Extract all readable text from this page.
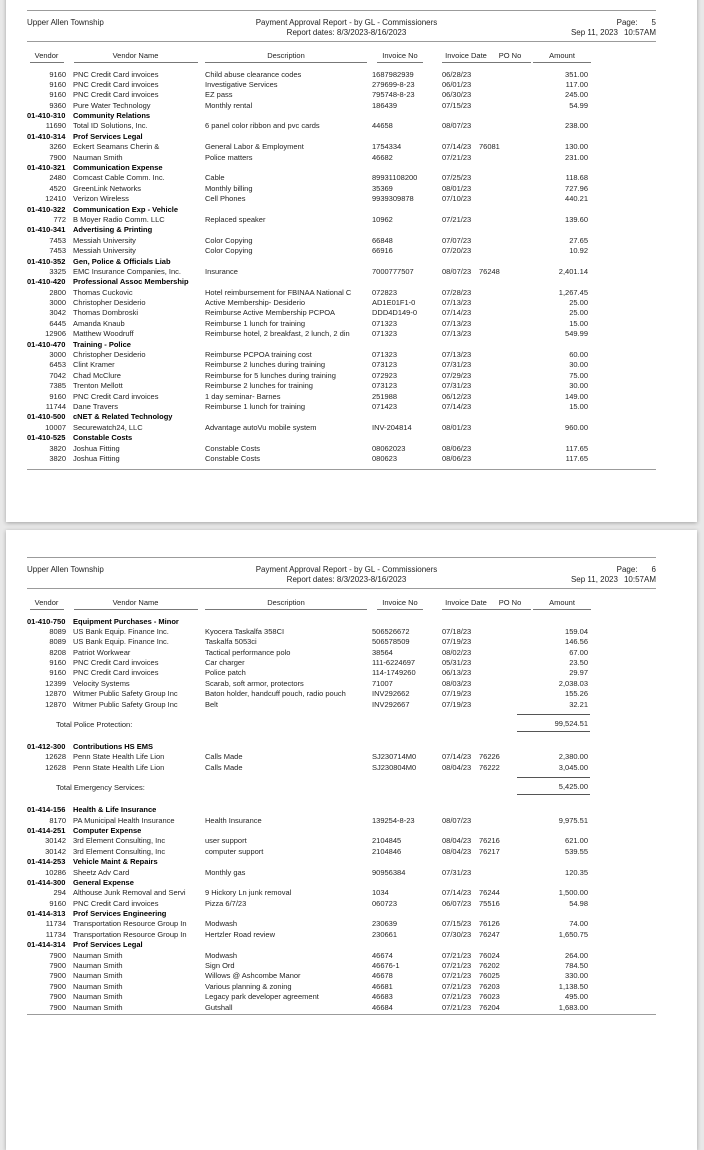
Upper Allen Township	Payment Approval Report - by GL - Commissioners
Report dates: 8/3/2023-8/16/2023
Page: 5
Sep 11, 2023 10:57AM
Vendor	Vendor Name	Description	Invoice No	Invoice Date	PO No	Amount
9160 PNC Credit Card invoices	Child abuse clearance codes	1687982939	06/28/23	351.00
9160 PNC Credit Card invoices	Investigative Services	279699-8-23	06/01/23	117.00
9160 PNC Credit Card invoices	EZ pass	795748-8-23	06/30/23	245.00
9360 Pure Water Technology	Monthly rental	186439	07/15/23	54.99
01-410-310	Community Relations
11690 Total ID Solutions, Inc.	6 panel color ribbon and pvc cards	44658	08/07/23	238.00
01-410-314	Prof Services Legal
3260 Eckert Seamans Cherin &	General Labor & Employment	1754334	07/14/23	76081	130.00
7900 Nauman Smith	Police matters	46682	07/21/23	231.00
01-410-321	Communication Expense
2480 Comcast Cable Comm. Inc.	Cable	89931108200	07/25/23	118.68
4520 GreenLink Networks	Monthly billing	35369	08/01/23	727.96
12410 Verizon Wireless	Cell Phones	9939309878	07/10/23	440.21
01-410-322	Communication Exp - Vehicle
772 B Moyer Radio Comm. LLC	Replaced speaker	10962	07/21/23	139.60
01-410-341	Advertising & Printing
7453 Messiah University	Color Copying	66848	07/07/23	27.65
7453 Messiah University	Color Copying	66916	07/20/23	10.92
01-410-352	Gen, Police & Officials Liab
3325 EMC Insurance Companies, Inc.	Insurance	7000777507	08/07/23	76248	2,401.14
01-410-420	Professional Assoc Membership
2800 Thomas Cuckovic	Hotel reimbursement for FBINAA National C	072823	07/28/23	1,267.45
3000 Christopher Desiderio	Active Membership- Desiderio	AD1E01F1-0	07/13/23	25.00
3042 Thomas Dombroski	Reimburse Active Membership PCPOA	DDD4D149-0	07/14/23	25.00
6445 Amanda Knaub	Reimburse 1 lunch for training	071323	07/13/23	15.00
12906 Matthew Woodruff	Reimburse hotel, 2 breakfast, 2 lunch, 2 din	071323	07/13/23	549.99
01-410-470	Training - Police
3000 Christopher Desiderio	Reimburse PCPOA training cost	071323	07/13/23	60.00
6453 Clint Kramer	Reimburse 2 lunches during training	073123	07/31/23	30.00
7042 Chad McClure	Reimburse for 5 lunches during training	072923	07/29/23	75.00
7385 Trenton Mellott	Reimburse 2 lunches for training	073123	07/31/23	30.00
9160 PNC Credit Card invoices	1 day seminar- Barnes	251988	06/12/23	149.00
11744 Dane Travers	Reimburse 1 lunch for training	071423	07/14/23	15.00
01-410-500	cNET & Related Technology
10007 Securewatch24, LLC	Advantage autoVu mobile system	INV-204814	08/01/23	960.00
01-410-525	Constable Costs
3820 Joshua Fitting	Constable Costs	08062023	08/06/23	117.65
3820 Joshua Fitting	Constable Costs	080623	08/06/23	117.65
Upper Allen Township	Payment Approval Report - by GL - Commissioners
Report dates: 8/3/2023-8/16/2023
Page: 6
Sep 11, 2023 10:57AM
Vendor	Vendor Name	Description	Invoice No	Invoice Date	PO No	Amount
01-410-750	Equipment Purchases - Minor
8089 US Bank Equip. Finance Inc.	Kyocera Taskalfa 358CI	506526672	07/18/23	159.04
8089 US Bank Equip. Finance Inc.	Taskalfa 5053ci	506578509	07/19/23	146.56
8208 Patriot Workwear	Tactical performance polo	38564	08/02/23	67.00
9160 PNC Credit Card invoices	Car charger	111-6224697	05/31/23	23.50
9160 PNC Credit Card invoices	Police patch	114-1749260	06/13/23	29.97
12399 Velocity Systems	Scarab, soft armor, protectors	71007	08/03/23	2,038.03
12870 Witmer Public Safety Group Inc	Baton holder, handcuff pouch, radio pouch	INV292662	07/19/23	155.26
12870 Witmer Public Safety Group Inc	Belt	INV292667	07/19/23	32.21
Total Police Protection:	99,524.51
01-412-300	Contributions HS EMS
12628 Penn State Health Life Lion	Calls Made	SJ230714M0	07/14/23	76226	2,380.00
12628 Penn State Health Life Lion	Calls Made	SJ230804M0	08/04/23	76222	3,045.00
Total Emergency Services:	5,425.00
01-414-156	Health & Life Insurance
8170 PA Municipal Health Insurance	Health Insurance	139254-8-23	08/07/23	9,975.51
01-414-251	Computer Expense
30142 3rd Element Consulting, Inc	user support	2104845	08/04/23	76216	621.00
30142 3rd Element Consulting, Inc	computer support	2104846	08/04/23	76217	539.55
01-414-253	Vehicle Maint & Repairs
10286 Sheetz Adv Card	Monthly gas	90956384	07/31/23	120.35
01-414-300	General Expense
294 Althouse Junk Removal and Servi	9 Hickory Ln junk removal	1034	07/14/23	76244	1,500.00
9160 PNC Credit Card invoices	Pizza 6/7/23	060723	06/07/23	75516	54.98
01-414-313	Prof Services Engineering
11734 Transportation Resource Group In	Modwash	230639	07/15/23	76126	74.00
11734 Transportation Resource Group In	Hertzler Road review	230661	07/30/23	76247	1,650.75
01-414-314	Prof Services Legal
7900 Nauman Smith	Modwash	46674	07/21/23	76024	264.00
7900 Nauman Smith	Sign Ord	46676-1	07/21/23	76202	784.50
7900 Nauman Smith	Willows @ Ashcombe Manor	46678	07/21/23	76025	330.00
7900 Nauman Smith	Various planning & zoning	46681	07/21/23	76203	1,138.50
7900 Nauman Smith	Legacy park developer agreement	46683	07/21/23	76023	495.00
7900 Nauman Smith	Gutshall	46684	07/21/23	76204	1,683.00
